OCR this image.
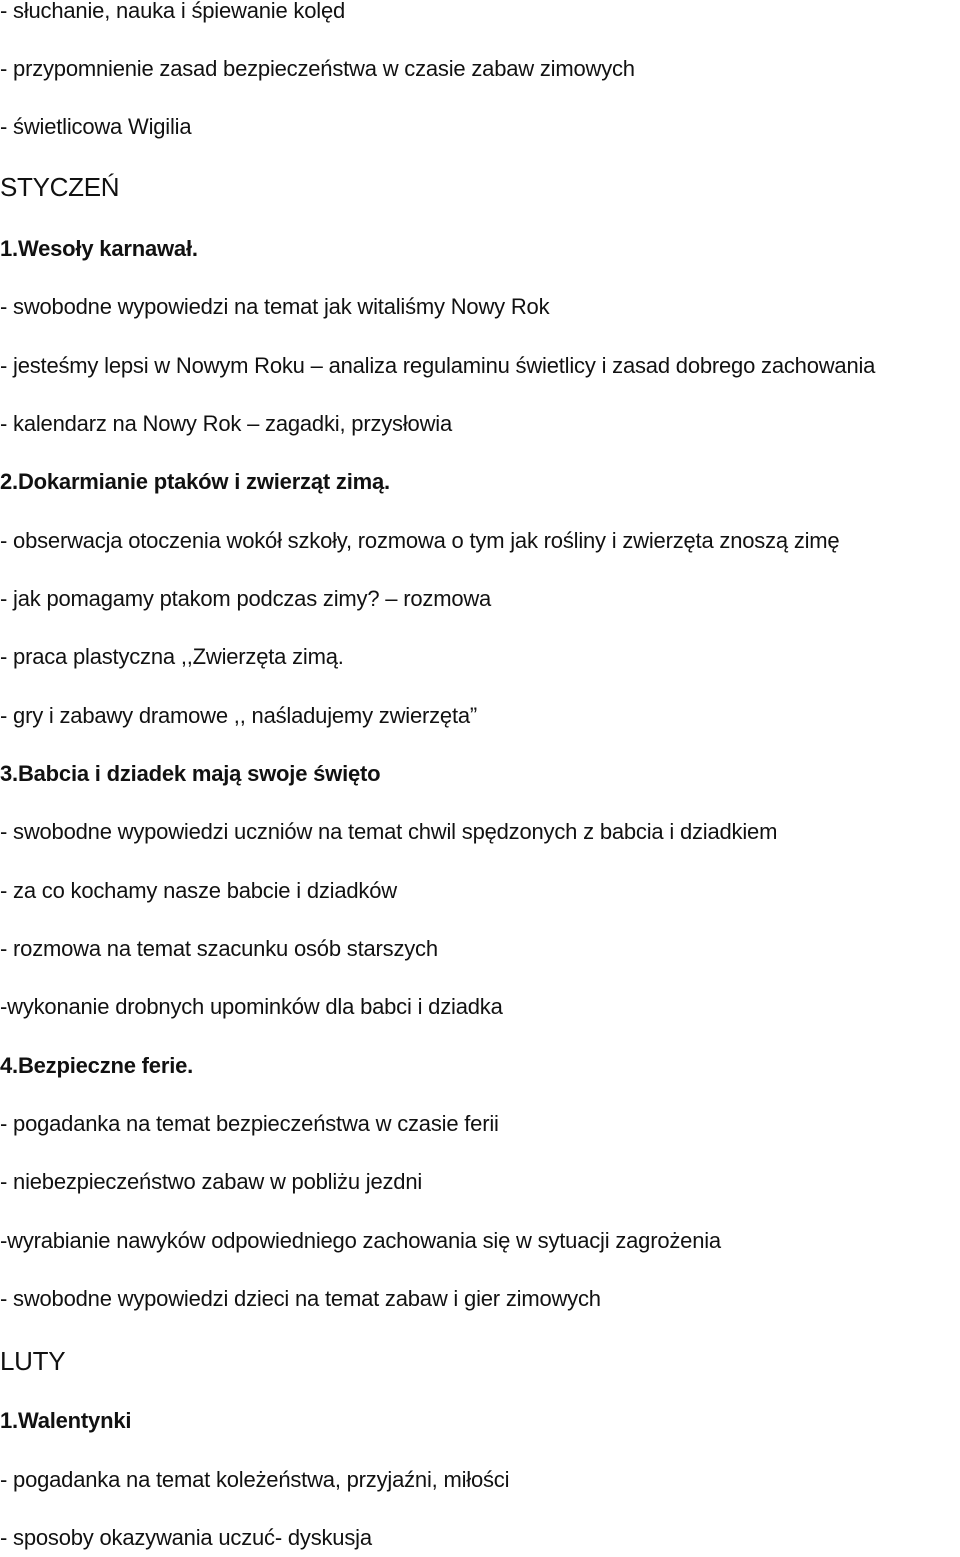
- słuchanie, nauka i śpiewanie kolęd
- przypomnienie zasad bezpieczeństwa w czasie zabaw zimowych
- świetlicowa Wigilia
STYCZEŃ
1.Wesoły karnawał.
- swobodne wypowiedzi na temat jak witaliśmy Nowy Rok
- jesteśmy lepsi w Nowym Roku – analiza regulaminu świetlicy i zasad dobrego zachowania
- kalendarz na Nowy Rok – zagadki, przysłowia
2.Dokarmianie ptaków i zwierząt zimą.
- obserwacja otoczenia wokół szkoły, rozmowa o tym jak rośliny i zwierzęta znoszą zimę
- jak pomagamy ptakom podczas zimy? – rozmowa
- praca plastyczna ,,Zwierzęta zimą.
- gry i zabawy dramowe ,, naśladujemy zwierzęta”
3.Babcia i dziadek mają swoje święto
- swobodne wypowiedzi uczniów na temat chwil spędzonych z babcia i dziadkiem
- za co kochamy nasze babcie i dziadków
- rozmowa na temat szacunku osób starszych
-wykonanie drobnych upominków dla babci i dziadka
4.Bezpieczne ferie.
- pogadanka na temat bezpieczeństwa w czasie ferii
- niebezpieczeństwo zabaw w pobliżu jezdni
-wyrabianie nawyków odpowiedniego zachowania się w sytuacji zagrożenia
- swobodne wypowiedzi dzieci na temat zabaw i gier zimowych
LUTY
1.Walentynki
- pogadanka na temat koleżeństwa, przyjaźni, miłości
- sposoby okazywania uczuć- dyskusja
